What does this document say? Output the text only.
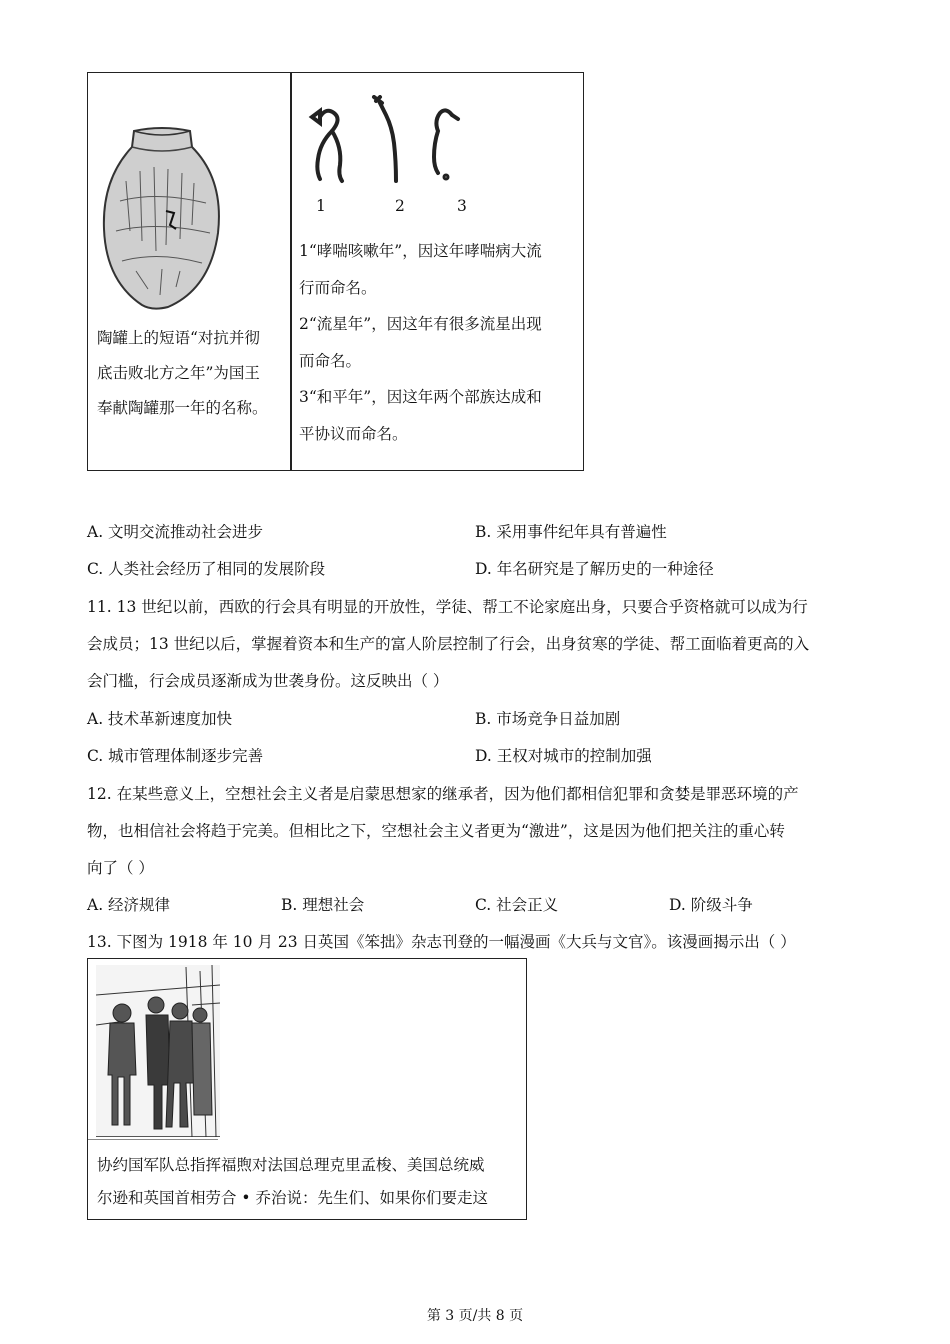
陶罐上的短语“对抗并彻
底击败北方之年”为国王
奉献陶罐那一年的名称。
1	2	3
1“哮喘咳嗽年”，因这年哮喘病大流
行而命名。
2“流星年”，因这年有很多流星出现
而命名。
3“和平年”，因这年两个部族达成和
平协议而命名。
A. 文明交流推动社会进步	B. 采用事件纪年具有普遍性
C. 人类社会经历了相同的发展阶段	D. 年名研究是了解历史的一种途径
11. 13 世纪以前，西欧的行会具有明显的开放性，学徒、帮工不论家庭出身，只要合乎资格就可以成为行
会成员；13 世纪以后，掌握着资本和生产的富人阶层控制了行会，出身贫寒的学徒、帮工面临着更高的入
会门槛，行会成员逐渐成为世袭身份。这反映出（ ）
A. 技术革新速度加快	B. 市场竞争日益加剧
C. 城市管理体制逐步完善	D. 王权对城市的控制加强
12. 在某些意义上，空想社会主义者是启蒙思想家的继承者，因为他们都相信犯罪和贪婪是罪恶环境的产
物，也相信社会将趋于完美。但相比之下，空想社会主义者更为“激进”，这是因为他们把关注的重心转
向了（ ）
A. 经济规律	B. 理想社会	C. 社会正义	D. 阶级斗争
13. 下图为 1918 年 10 月 23 日英国《笨拙》杂志刊登的一幅漫画《大兵与文官》。该漫画揭示出（ ）
协约国军队总指挥福煦对法国总理克里孟梭、美国总统威
尔逊和英国首相劳合 • 乔治说：先生们、如果你们要走这
第 3 页/共 8 页
